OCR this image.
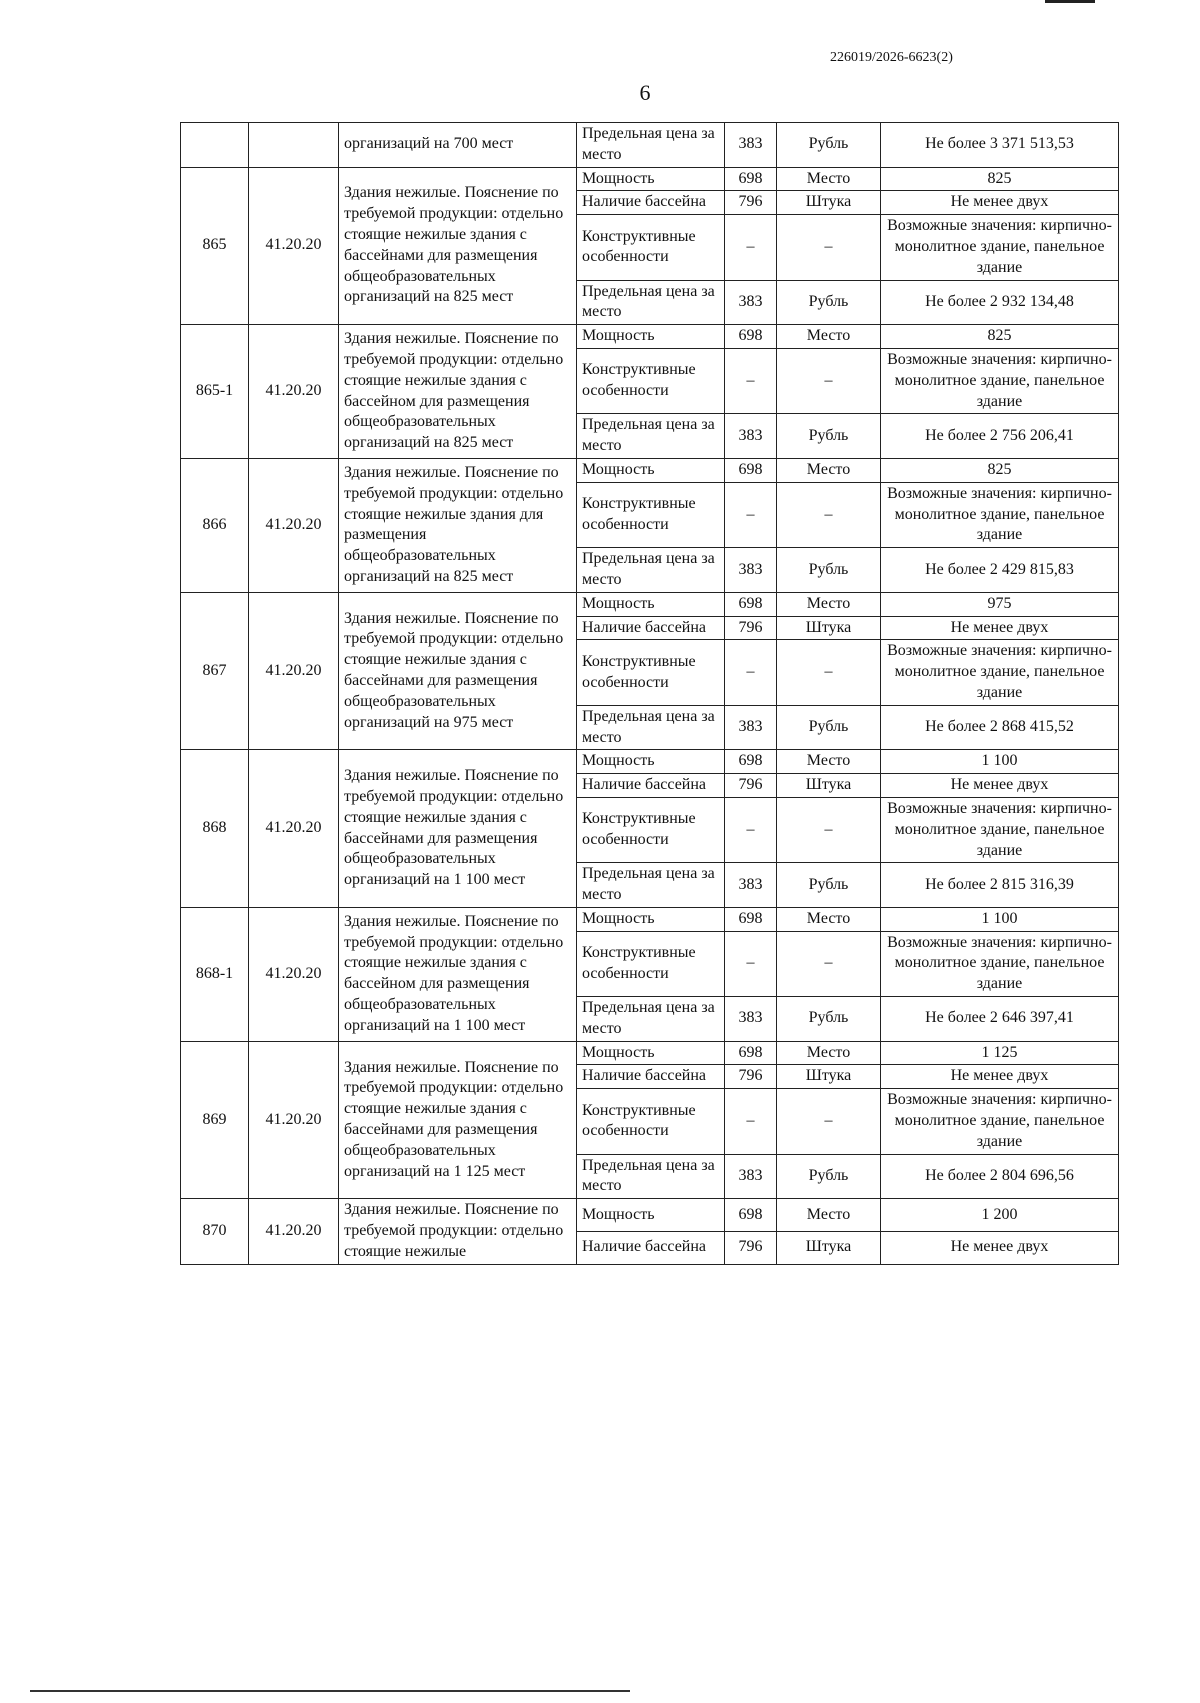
226019/2026-6623(2)
6
		организаций на 700 мест	Предельная цена за место	383	Рубль	Не более 3 371 513,53
865	41.20.20	Здания нежилые. Пояснение по требуемой продукции: отдельно стоящие нежилые здания с бассейнами для размещения общеобразовательных организаций на 825 мест	Мощность	698	Место	825
			Наличие бассейна	796	Штука	Не менее двух
			Конструктивные особенности	–	–	Возможные значения: кирпично-монолитное здание, панельное здание
			Предельная цена за место	383	Рубль	Не более 2 932 134,48
865-1	41.20.20	Здания нежилые. Пояснение по требуемой продукции: отдельно стоящие нежилые здания с бассейном для размещения общеобразовательных организаций на 825 мест	Мощность	698	Место	825
			Конструктивные особенности	–	–	Возможные значения: кирпично-монолитное здание, панельное здание
			Предельная цена за место	383	Рубль	Не более 2 756 206,41
866	41.20.20	Здания нежилые. Пояснение по требуемой продукции: отдельно стоящие нежилые здания для размещения общеобразовательных организаций на 825 мест	Мощность	698	Место	825
			Конструктивные особенности	–	–	Возможные значения: кирпично-монолитное здание, панельное здание
			Предельная цена за место	383	Рубль	Не более 2 429 815,83
867	41.20.20	Здания нежилые. Пояснение по требуемой продукции: отдельно стоящие нежилые здания с бассейнами для размещения общеобразовательных организаций на 975 мест	Мощность	698	Место	975
			Наличие бассейна	796	Штука	Не менее двух
			Конструктивные особенности	–	–	Возможные значения: кирпично-монолитное здание, панельное здание
			Предельная цена за место	383	Рубль	Не более 2 868 415,52
868	41.20.20	Здания нежилые. Пояснение по требуемой продукции: отдельно стоящие нежилые здания с бассейнами для размещения общеобразовательных организаций на 1 100 мест	Мощность	698	Место	1 100
			Наличие бассейна	796	Штука	Не менее двух
			Конструктивные особенности	–	–	Возможные значения: кирпично-монолитное здание, панельное здание
			Предельная цена за место	383	Рубль	Не более 2 815 316,39
868-1	41.20.20	Здания нежилые. Пояснение по требуемой продукции: отдельно стоящие нежилые здания с бассейном для размещения общеобразовательных организаций на 1 100 мест	Мощность	698	Место	1 100
			Конструктивные особенности	–	–	Возможные значения: кирпично-монолитное здание, панельное здание
			Предельная цена за место	383	Рубль	Не более 2 646 397,41
869	41.20.20	Здания нежилые. Пояснение по требуемой продукции: отдельно стоящие нежилые здания с бассейнами для размещения общеобразовательных организаций на 1 125 мест	Мощность	698	Место	1 125
			Наличие бассейна	796	Штука	Не менее двух
			Конструктивные особенности	–	–	Возможные значения: кирпично-монолитное здание, панельное здание
			Предельная цена за место	383	Рубль	Не более 2 804 696,56
870	41.20.20	Здания нежилые. Пояснение по требуемой продукции: отдельно стоящие нежилые	Мощность	698	Место	1 200
			Наличие бассейна	796	Штука	Не менее двух
